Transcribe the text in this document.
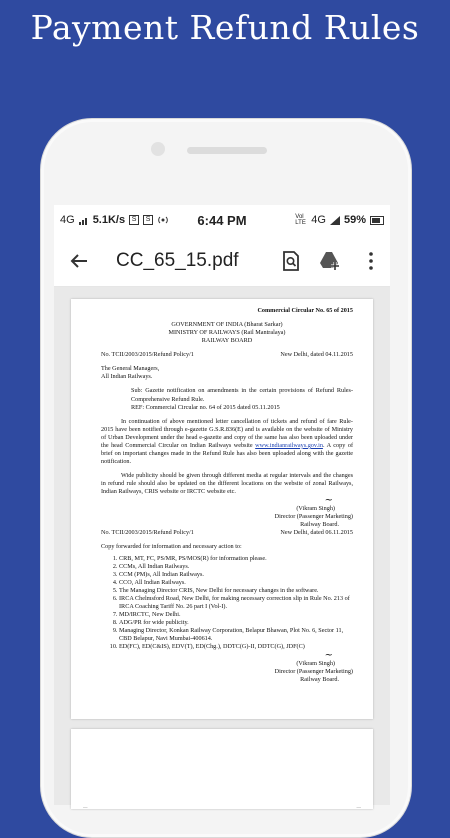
Payment Refund Rules
4G 5.1K/s S	S	6:44 PM	Vol LTE 4G 59%
CC_65_15.pdf
Commercial Circular No. 65 of 2015
GOVERNMENT OF INDIA (Bharat Sarkar)
MINISTRY OF RAILWAYS (Rail Mantralaya)
RAILWAY BOARD
No. TCII/2003/2015/Refund Policy/1	New Delhi, dated 04.11.2015
The General Managers,
All Indian Railways.
Sub: Gazette notification on amendments in the certain provisions of Refund Rules-Comprehensive Refund Rule.
REF: Commercial Circular no. 64 of 2015 dated 05.11.2015
In continuation of above mentioned letter cancellation of tickets and refund of fare Rule-2015 have been notified through e-gazette G.S.R.836(E) and is available on the website of Ministry of Urban Development under the head e-gazette and copy of the same has also been uploaded under the head Commercial Circular on Indian Railways website www.indianrailways.gov.in. A copy of brief on important changes made in the Refund Rule has also been uploaded along with the gazette notification.
Wide publicity should be given through different media at regular intervals and the changes in refund rule should also be updated on the different locations on the website of zonal Railways, Indian Railways, CRIS website or IRCTC website etc.
~
(Vikram Singh)
Director (Passenger Marketing)
Railway Board.
No. TCII/2003/2015/Refund Policy/1	New Delhi, dated 06.11.2015
Copy forwarded for information and necessary action to:
1. CRB, MT, FC, PS/MR, PS/MOS(R) for information please.
2. CCMs, All Indian Railways.
3. CCM (PM)s, All Indian Railways.
4. CCO, All Indian Railways.
5. The Managing Director CRIS, New Delhi for necessary changes in the software.
6. IRCA Chelmsford Road, New Delhi, for making necessary correction slip in Rule No. 213 of IRCA Coaching Tariff No. 26 part I (Vol-I).
7. MD/IRCTC, New Delhi.
8. ADG/PR for wide publicity.
9. Managing Director, Konkan Railway Corporation, Belapur Bhawan, Plot No. 6, Sector 11, CBD Belapur, Navi Mumbai-400614.
10. ED(FC), ED(C&IS), EDV(T), ED(Chg.), DDTC(G)-II, DDTC(G), JDF(C)
~
(Vikram Singh)
Director (Passenger Marketing)
Railway Board.
—	—
